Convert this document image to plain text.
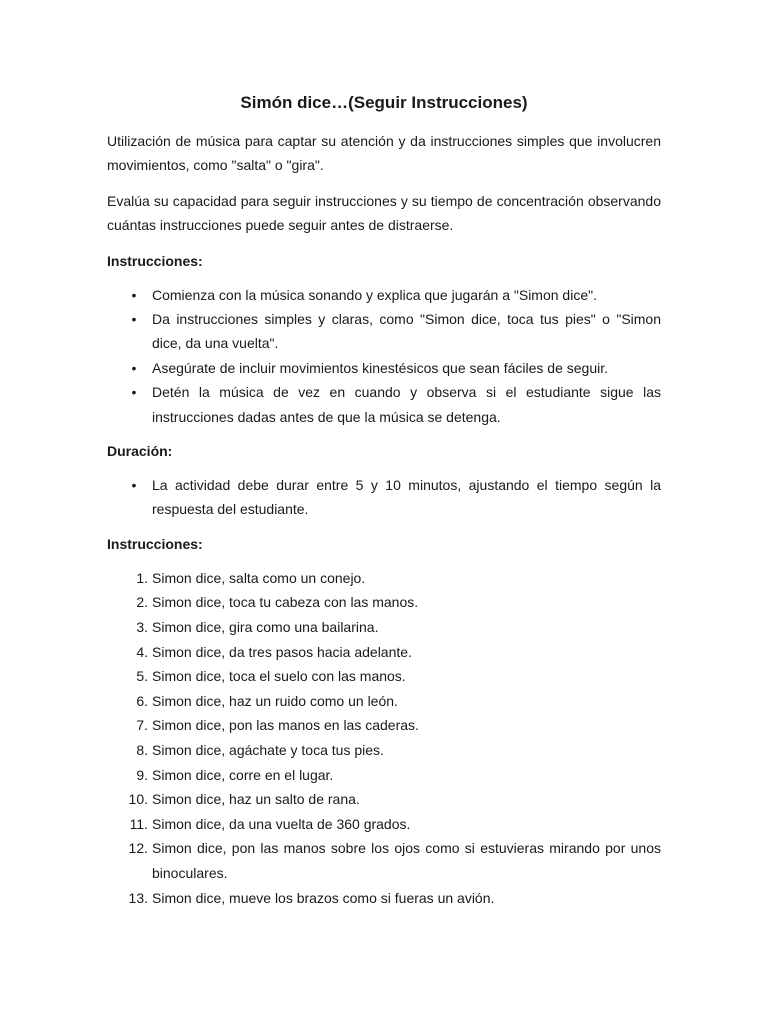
Simón dice…(Seguir Instrucciones)

Utilización de música para captar su atención y da instrucciones simples que involucren movimientos, como "salta" o "gira".

Evalúa su capacidad para seguir instrucciones y su tiempo de concentración observando cuántas instrucciones puede seguir antes de distraerse.

Instrucciones:
• Comienza con la música sonando y explica que jugarán a "Simon dice".
• Da instrucciones simples y claras, como "Simon dice, toca tus pies" o "Simon dice, da una vuelta".
• Asegúrate de incluir movimientos kinestésicos que sean fáciles de seguir.
• Detén la música de vez en cuando y observa si el estudiante sigue las instrucciones dadas antes de que la música se detenga.
Duración:
• La actividad debe durar entre 5 y 10 minutos, ajustando el tiempo según la respuesta del estudiante.
Instrucciones:
1. Simon dice, salta como un conejo.
2. Simon dice, toca tu cabeza con las manos.
3. Simon dice, gira como una bailarina.
4. Simon dice, da tres pasos hacia adelante.
5. Simon dice, toca el suelo con las manos.
6. Simon dice, haz un ruido como un león.
7. Simon dice, pon las manos en las caderas.
8. Simon dice, agáchate y toca tus pies.
9. Simon dice, corre en el lugar.
10. Simon dice, haz un salto de rana.
11. Simon dice, da una vuelta de 360 grados.
12. Simon dice, pon las manos sobre los ojos como si estuvieras mirando por unos binoculares.
13. Simon dice, mueve los brazos como si fueras un avión.
